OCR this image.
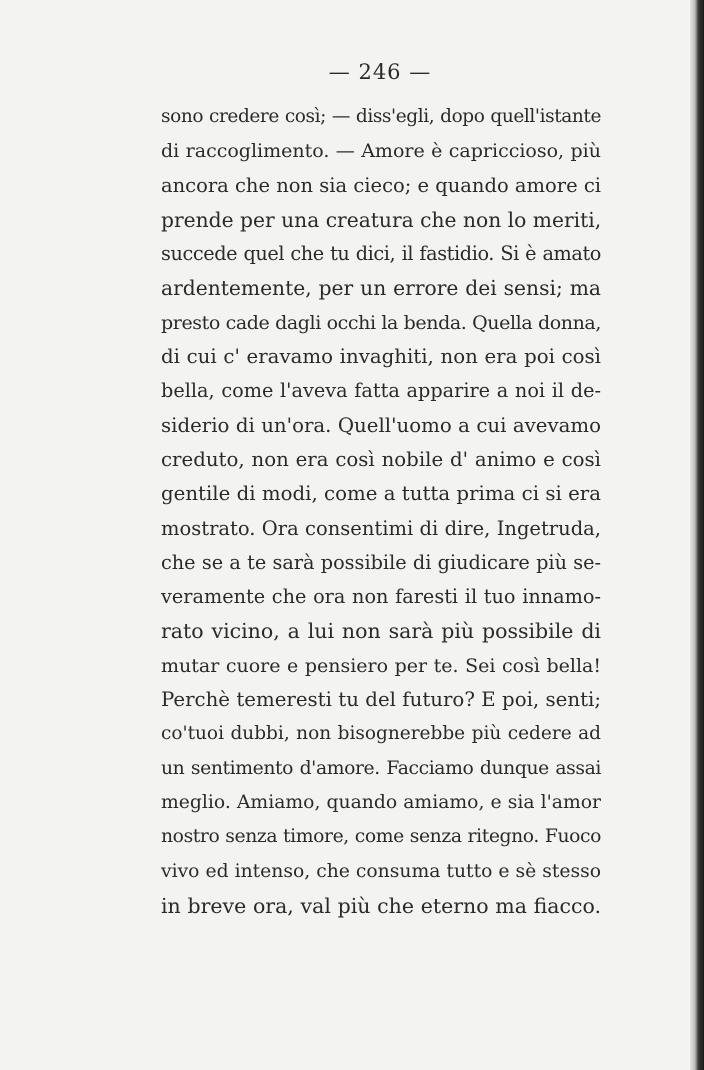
— 246 —
sono credere così; — diss'egli, dopo quell'istante
di raccoglimento. — Amore è capriccioso, più
ancora che non sia cieco; e quando amore ci
prende per una creatura che non lo meriti,
succede quel che tu dici, il fastidio. Si è amato
ardentemente, per un errore dei sensi; ma
presto cade dagli occhi la benda. Quella donna,
di cui c' eravamo invaghiti, non era poi così
bella, come l'aveva fatta apparire a noi il de-
siderio di un'ora. Quell'uomo a cui avevamo
creduto, non era così nobile d' animo e così
gentile di modi, come a tutta prima ci si era
mostrato. Ora consentimi di dire, Ingetruda,
che se a te sarà possibile di giudicare più se-
veramente che ora non faresti il tuo innamo-
rato vicino, a lui non sarà più possibile di
mutar cuore e pensiero per te. Sei così bella!
Perchè temeresti tu del futuro? E poi, senti;
co'tuoi dubbi, non bisognerebbe più cedere ad
un sentimento d'amore. Facciamo dunque assai
meglio. Amiamo, quando amiamo, e sia l'amor
nostro senza timore, come senza ritegno. Fuoco
vivo ed intenso, che consuma tutto e sè stesso
in breve ora, val più che eterno ma fiacco.
